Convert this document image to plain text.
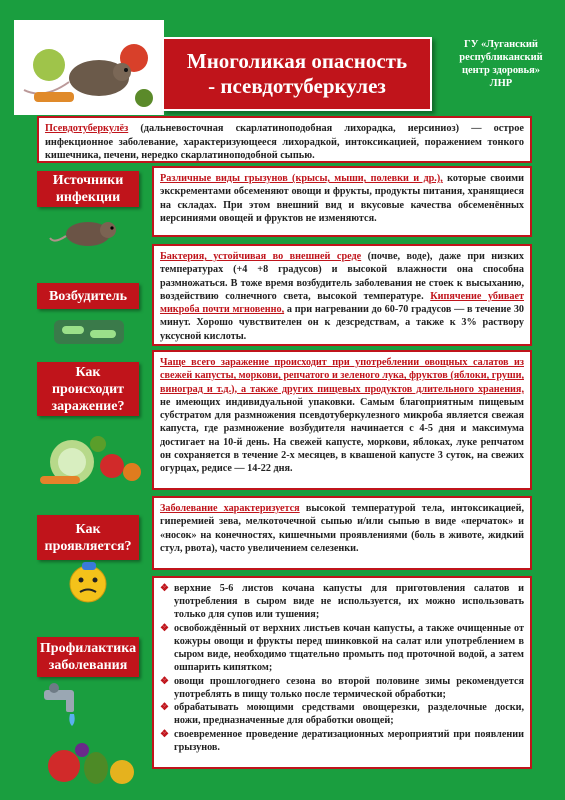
Многоликая опасность
- псевдотуберкулез
ГУ «Луганский
республиканский
центр здоровья»
ЛНР
Псевдотуберкулёз (дальневосточная скарлатиноподобная лихорадка, иерсиниоз) — острое инфекционное заболевание, характеризующееся лихорадкой, интоксикацией, поражением тонкого кишечника, печени, нередко скарлатиноподобной сыпью.
Источники инфекции
Различные виды грызунов (крысы, мыши, полевки и др.), которые своими экскрементами обсеменяют овощи и фрукты, продукты питания, хранящиеся на складах. При этом внешний вид и вкусовые качества обсеменённых иерсиниями овощей и фруктов не изменяются.
Возбудитель
Бактерия, устойчивая во внешней среде (почве, воде), даже при низких температурах (+4 +8 градусов) и высокой влажности она способна размножаться. В тоже время возбудитель заболевания не стоек к высыханию, воздействию солнечного света, высокой температуре. Кипячение убивает микроба почти мгновенно, а при нагревании до 60-70 градусов — в течение 30 минут. Хорошо чувствителен он к дезсредствам, а также к 3% раствору уксусной кислоты.
Как происходит заражение?
Чаще всего заражение происходит при употреблении овощных салатов из свежей капусты, моркови, репчатого и зеленого лука, фруктов (яблоки, груши, виноград и т.д.), а также других пищевых продуктов длительного хранения, не имеющих индивидуальной упаковки. Самым благоприятным пищевым субстратом для размножения псевдотуберкулезного микроба является свежая капуста, где размножение возбудителя начинается с 4-5 дня и максимума достигает на 10-й день. На свежей капусте, моркови, яблоках, луке репчатом он сохраняется в течение 2-х месяцев, в квашеной капусте 3 суток, на свежих огурцах, редисе — 14-22 дня.
Как проявляется?
Заболевание характеризуется высокой температурой тела, интоксикацией, гиперемией зева, мелкоточечной сыпью и/или сыпью в виде «перчаток» и «носок» на конечностях, кишечными проявлениями (боль в животе, жидкий стул, рвота), часто увеличением селезенки.
Профилактика заболевания
❖ верхние 5-6 листов кочана капусты для приготовления салатов и употребления в сыром виде не используется, их можно использовать только для супов или тушения;
❖ освобождённый от верхних листьев кочан капусты, а также очищенные от кожуры овощи и фрукты перед шинковкой на салат или употреблением в сыром виде, необходимо тщательно промыть под проточной водой, а затем ошпарить кипятком;
❖ овощи прошлогоднего сезона во второй половине зимы рекомендуется употреблять в пищу только после термической обработки;
❖ обрабатывать моющими средствами овощерезки, разделочные доски, ножи, предназначенные для обработки овощей;
❖ своевременное проведение дератизационных мероприятий при появлении грызунов.
